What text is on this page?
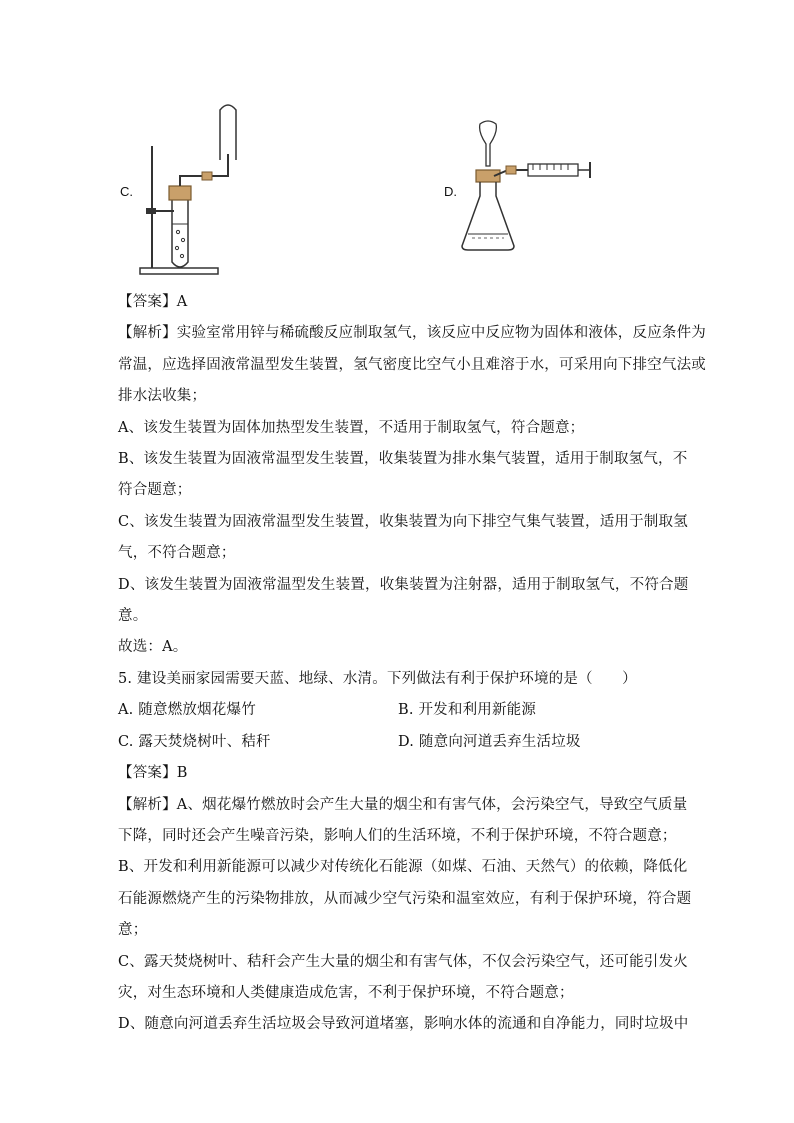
C.	D.
【答案】A
【解析】实验室常用锌与稀硫酸反应制取氢气，该反应中反应物为固体和液体，反应条件为
常温，应选择固液常温型发生装置，氢气密度比空气小且难溶于水，可采用向下排空气法或
排水法收集；
A、该发生装置为固体加热型发生装置，不适用于制取氢气，符合题意；
B、该发生装置为固液常温型发生装置，收集装置为排水集气装置，适用于制取氢气，不
符合题意；
C、该发生装置为固液常温型发生装置，收集装置为向下排空气集气装置，适用于制取氢
气，不符合题意；
D、该发生装置为固液常温型发生装置，收集装置为注射器，适用于制取氢气，不符合题
意。
故选：A。
5. 建设美丽家园需要天蓝、地绿、水清。下列做法有利于保护环境的是（　　）
A. 随意燃放烟花爆竹	B. 开发和利用新能源
C. 露天焚烧树叶、秸秆	D. 随意向河道丢弃生活垃圾
【答案】B
【解析】A、烟花爆竹燃放时会产生大量的烟尘和有害气体，会污染空气，导致空气质量
下降，同时还会产生噪音污染，影响人们的生活环境，不利于保护环境，不符合题意；
B、开发和利用新能源可以减少对传统化石能源（如煤、石油、天然气）的依赖，降低化
石能源燃烧产生的污染物排放，从而减少空气污染和温室效应，有利于保护环境，符合题
意；
C、露天焚烧树叶、秸秆会产生大量的烟尘和有害气体，不仅会污染空气，还可能引发火
灾，对生态环境和人类健康造成危害，不利于保护环境，不符合题意；
D、随意向河道丢弃生活垃圾会导致河道堵塞，影响水体的流通和自净能力，同时垃圾中
